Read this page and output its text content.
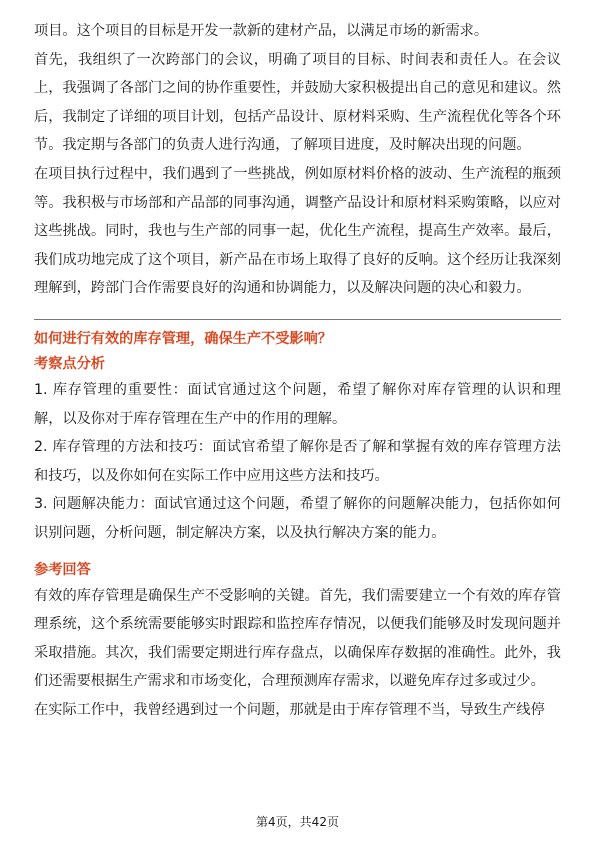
项目。这个项目的目标是开发一款新的建材产品，以满足市场的新需求。

首先，我组织了一次跨部门的会议，明确了项目的目标、时间表和责任人。在会议上，我强调了各部门之间的协作重要性，并鼓励大家积极提出自己的意见和建议。然后，我制定了详细的项目计划，包括产品设计、原材料采购、生产流程优化等各个环节。我定期与各部门的负责人进行沟通，了解项目进度，及时解决出现的问题。

在项目执行过程中，我们遇到了一些挑战，例如原材料价格的波动、生产流程的瓶颈等。我积极与市场部和产品部的同事沟通，调整产品设计和原材料采购策略，以应对这些挑战。同时，我也与生产部的同事一起，优化生产流程，提高生产效率。最后，我们成功地完成了这个项目，新产品在市场上取得了良好的反响。这个经历让我深刻理解到，跨部门合作需要良好的沟通和协调能力，以及解决问题的决心和毅力。

如何进行有效的库存管理，确保生产不受影响？

考察点分析

1. 库存管理的重要性：面试官通过这个问题，希望了解你对库存管理的认识和理解，以及你对于库存管理在生产中的作用的理解。

2. 库存管理的方法和技巧：面试官希望了解你是否了解和掌握有效的库存管理方法和技巧，以及你如何在实际工作中应用这些方法和技巧。

3. 问题解决能力：面试官通过这个问题，希望了解你的问题解决能力，包括你如何识别问题，分析问题，制定解决方案，以及执行解决方案的能力。

参考回答

有效的库存管理是确保生产不受影响的关键。首先，我们需要建立一个有效的库存管理系统，这个系统需要能够实时跟踪和监控库存情况，以便我们能够及时发现问题并采取措施。其次，我们需要定期进行库存盘点，以确保库存数据的准确性。此外，我们还需要根据生产需求和市场变化，合理预测库存需求，以避免库存过多或过少。

在实际工作中，我曾经遇到过一个问题，那就是由于库存管理不当，导致生产线停

第4页，共42页
